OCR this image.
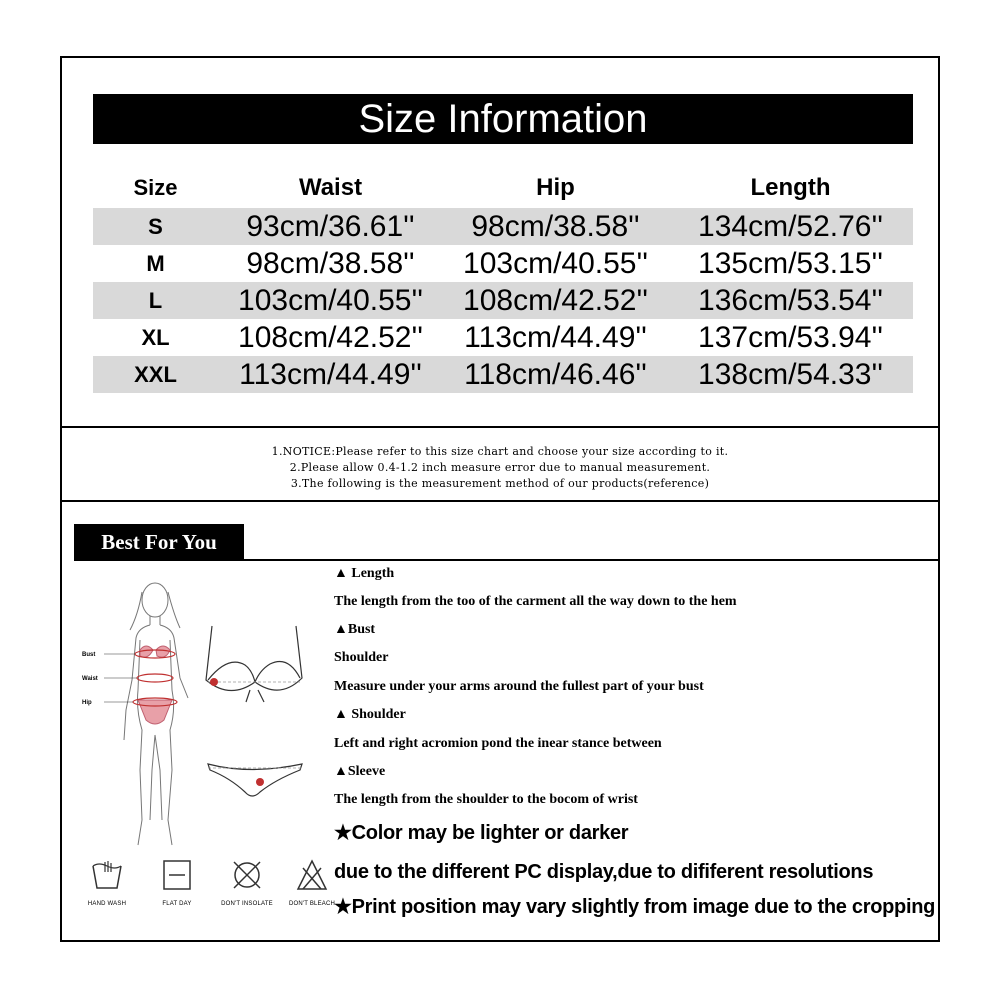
Size Information
Size	Waist	Hip	Length
S	93cm/36.61''	98cm/38.58''	134cm/52.76''
M	98cm/38.58''	103cm/40.55''	135cm/53.15''
L	103cm/40.55''	108cm/42.52''	136cm/53.54''
XL	108cm/42.52''	113cm/44.49''	137cm/53.94''
XXL	113cm/44.49''	118cm/46.46''	138cm/54.33''
1.NOTICE:Please refer to this size chart and choose your size according to it.
2.Please allow 0.4-1.2 inch measure error due to manual measurement.
3.The following is the measurement method of our products(reference)
Best For You
Bust
Waist
Hip
HAND WASH	FLAT DAY	DON'T INSOLATE	DON'T BLEACH
▲ Length
The length from the too of the carment all the way down to the hem
▲Bust
Shoulder
Measure under your arms around the fullest part of your bust
▲ Shoulder
Left and right acromion pond the inear stance between
▲Sleeve
The length from the shoulder to the bocom of wrist
★Color may be lighter or darker
due to the different PC display,due to dififerent resolutions
★Print position may vary slightly from image due to the cropping
